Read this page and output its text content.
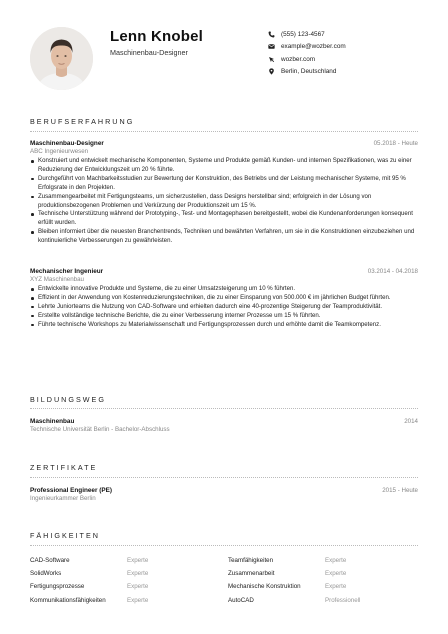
Lenn Knobel
Maschinenbau-Designer
(555) 123-4567
example@wozber.com
wozber.com
Berlin, Deutschland
BERUFSERFAHRUNG
Maschinenbau-Designer	05.2018 - Heute
ABC Ingenieurwesen
Konstruiert und entwickelt mechanische Komponenten, Systeme und Produkte gemäß Kunden- und internen Spezifikationen, was zu einer Reduzierung der Entwicklungszeit um 20 % führte.
Durchgeführt von Machbarkeitsstudien zur Bewertung der Konstruktion, des Betriebs und der Leistung mechanischer Systeme, mit 95 % Erfolgsrate in den Projekten.
Zusammengearbeitet mit Fertigungsteams, um sicherzustellen, dass Designs herstellbar sind; erfolgreich in der Lösung von produktionsbezogenen Problemen und Verkürzung der Produktionszeit um 15 %.
Technische Unterstützung während der Prototyping-, Test- und Montagephasen bereitgestellt, wobei die Kundenanforderungen konsequent erfüllt wurden.
Bleiben informiert über die neuesten Branchentrends, Techniken und bewährten Verfahren, um sie in die Konstruktionen einzubeziehen und kontinuierliche Verbesserungen zu gewährleisten.
Mechanischer Ingenieur	03.2014 - 04.2018
XYZ Maschinenbau
Entwickelte innovative Produkte und Systeme, die zu einer Umsatzsteigerung um 10 % führten.
Effizient in der Anwendung von Kostenreduzierungstechniken, die zu einer Einsparung von 500.000 € im jährlichen Budget führten.
Lehrte Juniorteams die Nutzung von CAD-Software und erhielten dadurch eine 40-prozentige Steigerung der Teamproduktivität.
Erstellte vollständige technische Berichte, die zu einer Verbesserung interner Prozesse um 15 % führten.
Führte technische Workshops zu Materialwissenschaft und Fertigungsprozessen durch und erhöhte damit die Teamkompetenz.
BILDUNGSWEG
Maschinenbau	2014
Technische Universität Berlin - Bachelor-Abschluss
ZERTIFIKATE
Professional Engineer (PE)	2015 - Heute
Ingenieurkammer Berlin
FÄHIGKEITEN
CAD-Software	Experte	Teamfähigkeiten	Experte
SolidWorks	Experte	Zusammenarbeit	Experte
Fertigungsprozesse	Experte	Mechanische Konstruktion	Experte
Kommunikationsfähigkeiten	Experte	AutoCAD	Professionell
